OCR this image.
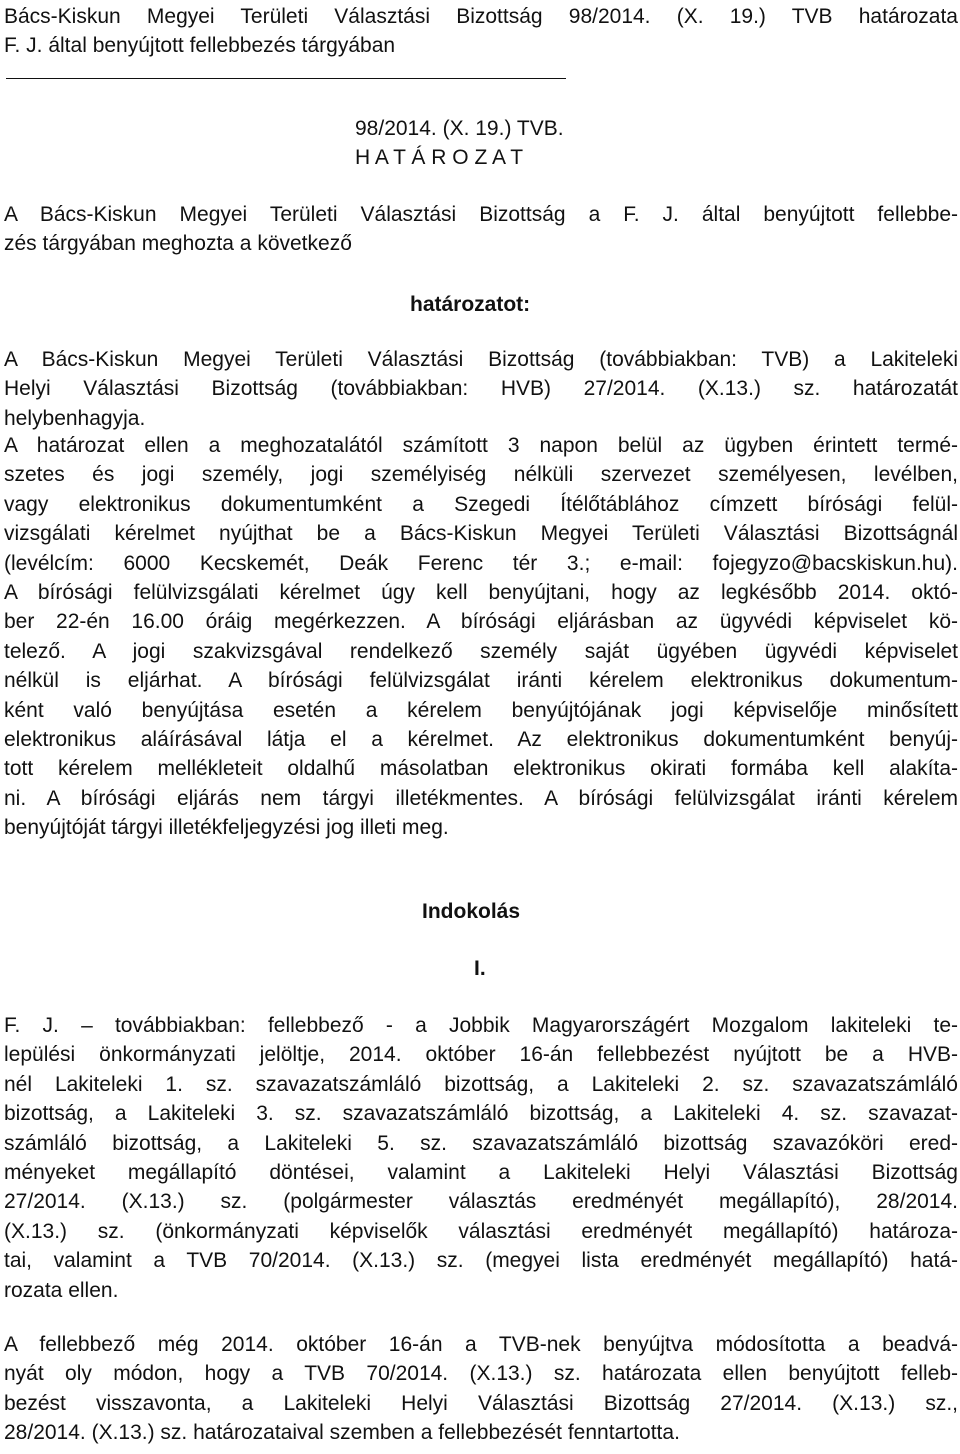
Bács-Kiskun Megyei Területi Választási Bizottság 98/2014. (X. 19.) TVB határozata
F. J. által benyújtott fellebbezés tárgyában
98/2014. (X. 19.) TVB.
H A T Á R O Z A T
A Bács-Kiskun Megyei Területi Választási Bizottság a F. J. által benyújtott fellebbe-
zés tárgyában meghozta a következő
határozatot:
A Bács-Kiskun Megyei Területi Választási Bizottság (továbbiakban: TVB) a Lakiteleki
Helyi Választási Bizottság (továbbiakban: HVB) 27/2014. (X.13.) sz. határozatát
helybenhagyja.
A határozat ellen a meghozatalától számított 3 napon belül az ügyben érintett termé-
szetes és jogi személy, jogi személyiség nélküli szervezet személyesen, levélben,
vagy elektronikus dokumentumként a Szegedi Ítélőtáblához címzett bírósági felül-
vizsgálati kérelmet nyújthat be a Bács-Kiskun Megyei Területi Választási Bizottságnál
(levélcím: 6000 Kecskemét, Deák Ferenc tér 3.; e-mail: fojegyzo@bacskiskun.hu).
A bírósági felülvizsgálati kérelmet úgy kell benyújtani, hogy az legkésőbb 2014. októ-
ber 22-én 16.00 óráig megérkezzen. A bírósági eljárásban az ügyvédi képviselet kö-
telező. A jogi szakvizsgával rendelkező személy saját ügyében ügyvédi képviselet
nélkül is eljárhat. A bírósági felülvizsgálat iránti kérelem elektronikus dokumentum-
ként való benyújtása esetén a kérelem benyújtójának jogi képviselője minősített
elektronikus aláírásával látja el a kérelmet. Az elektronikus dokumentumként benyúj-
tott kérelem mellékleteit oldalhű másolatban elektronikus okirati formába kell alakíta-
ni. A bírósági eljárás nem tárgyi illetékmentes. A bírósági felülvizsgálat iránti kérelem
benyújtóját tárgyi illetékfeljegyzési jog illeti meg.
Indokolás
I.
F. J. – továbbiakban: fellebbező - a Jobbik Magyarországért Mozgalom lakiteleki te-
lepülési önkormányzati jelöltje, 2014. október 16-án fellebbezést nyújtott be a HVB-
nél Lakiteleki 1. sz. szavazatszámláló bizottság, a Lakiteleki 2. sz. szavazatszámláló
bizottság, a Lakiteleki 3. sz. szavazatszámláló bizottság, a Lakiteleki 4. sz. szavazat-
számláló bizottság, a Lakiteleki 5. sz. szavazatszámláló bizottság szavazóköri ered-
ményeket megállapító döntései, valamint a Lakiteleki Helyi Választási Bizottság
27/2014. (X.13.) sz. (polgármester választás eredményét megállapító), 28/2014.
(X.13.) sz. (önkormányzati képviselők választási eredményét megállapító) határoza-
tai, valamint a TVB 70/2014. (X.13.) sz. (megyei lista eredményét megállapító) hatá-
rozata ellen.
A fellebbező még 2014. október 16-án a TVB-nek benyújtva módosította a beadvá-
nyát oly módon, hogy a TVB 70/2014. (X.13.) sz. határozata ellen benyújtott felleb-
bezést visszavonta, a Lakiteleki Helyi Választási Bizottság 27/2014. (X.13.) sz.,
28/2014. (X.13.) sz. határozataival szemben a fellebbezését fenntartotta.
